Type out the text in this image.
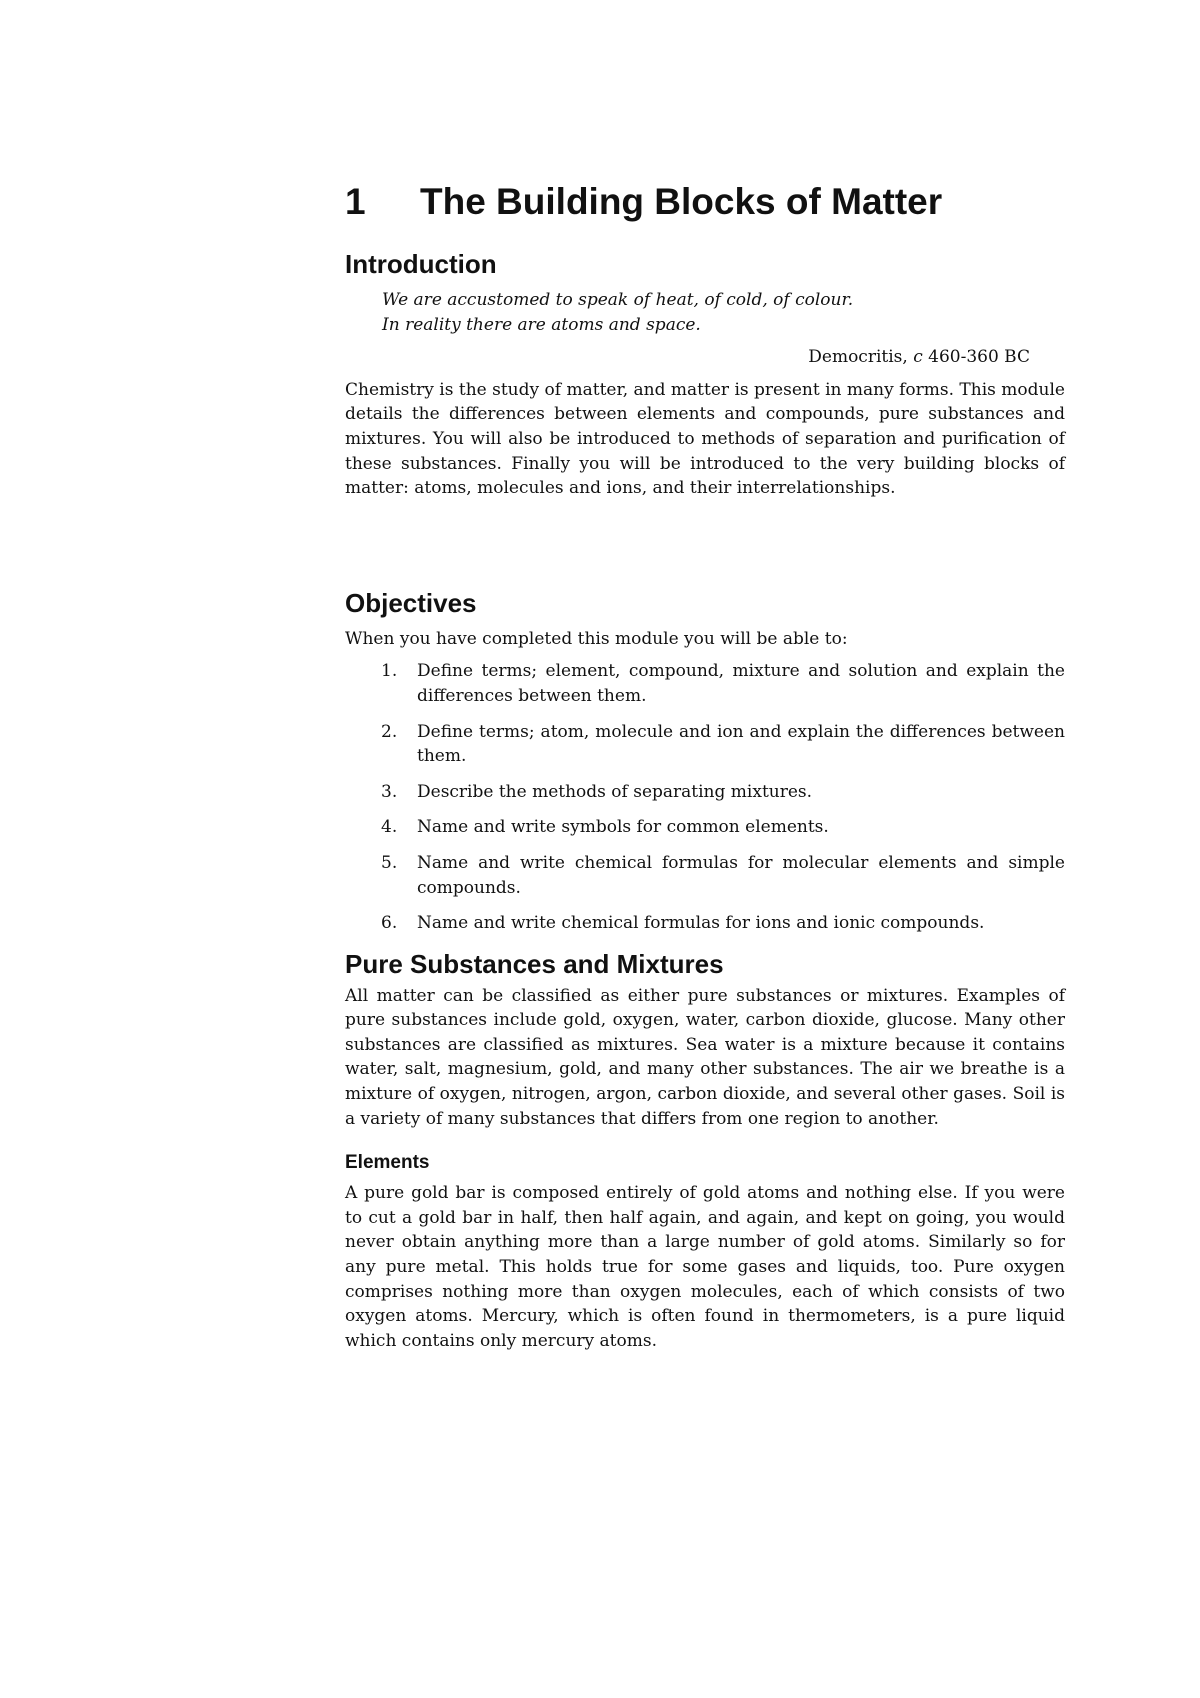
1	The Building Blocks of Matter
Introduction
We are accustomed to speak of heat, of cold, of colour.
In reality there are atoms and space.
Democritis, c 460-360 BC

Chemistry is the study of matter, and matter is present in many forms. This module details the differences between elements and compounds, pure substances and mixtures. You will also be introduced to methods of separation and purification of these substances. Finally you will be introduced to the very building blocks of matter: atoms, molecules and ions, and their interrelationships.

Objectives

When you have completed this module you will be able to:

1.	Define terms; element, compound, mixture and solution and explain the differences between them.
2.	Define terms; atom, molecule and ion and explain the differences between them.
3.	Describe the methods of separating mixtures.
4.	Name and write symbols for common elements.
5.	Name and write chemical formulas for molecular elements and simple compounds.
6.	Name and write chemical formulas for ions and ionic compounds.
Pure Substances and Mixtures

All matter can be classified as either pure substances or mixtures. Examples of pure substances include gold, oxygen, water, carbon dioxide, glucose. Many other substances are classified as mixtures. Sea water is a mixture because it contains water, salt, magnesium, gold, and many other substances. The air we breathe is a mixture of oxygen, nitrogen, argon, carbon dioxide, and several other gases. Soil is a variety of many substances that differs from one region to another.

Elements

A pure gold bar is composed entirely of gold atoms and nothing else. If you were to cut a gold bar in half, then half again, and again, and kept on going, you would never obtain anything more than a large number of gold atoms. Similarly so for any pure metal. This holds true for some gases and liquids, too. Pure oxygen comprises nothing more than oxygen molecules, each of which consists of two oxygen atoms. Mercury, which is often found in thermometers, is a pure liquid which contains only mercury atoms.
